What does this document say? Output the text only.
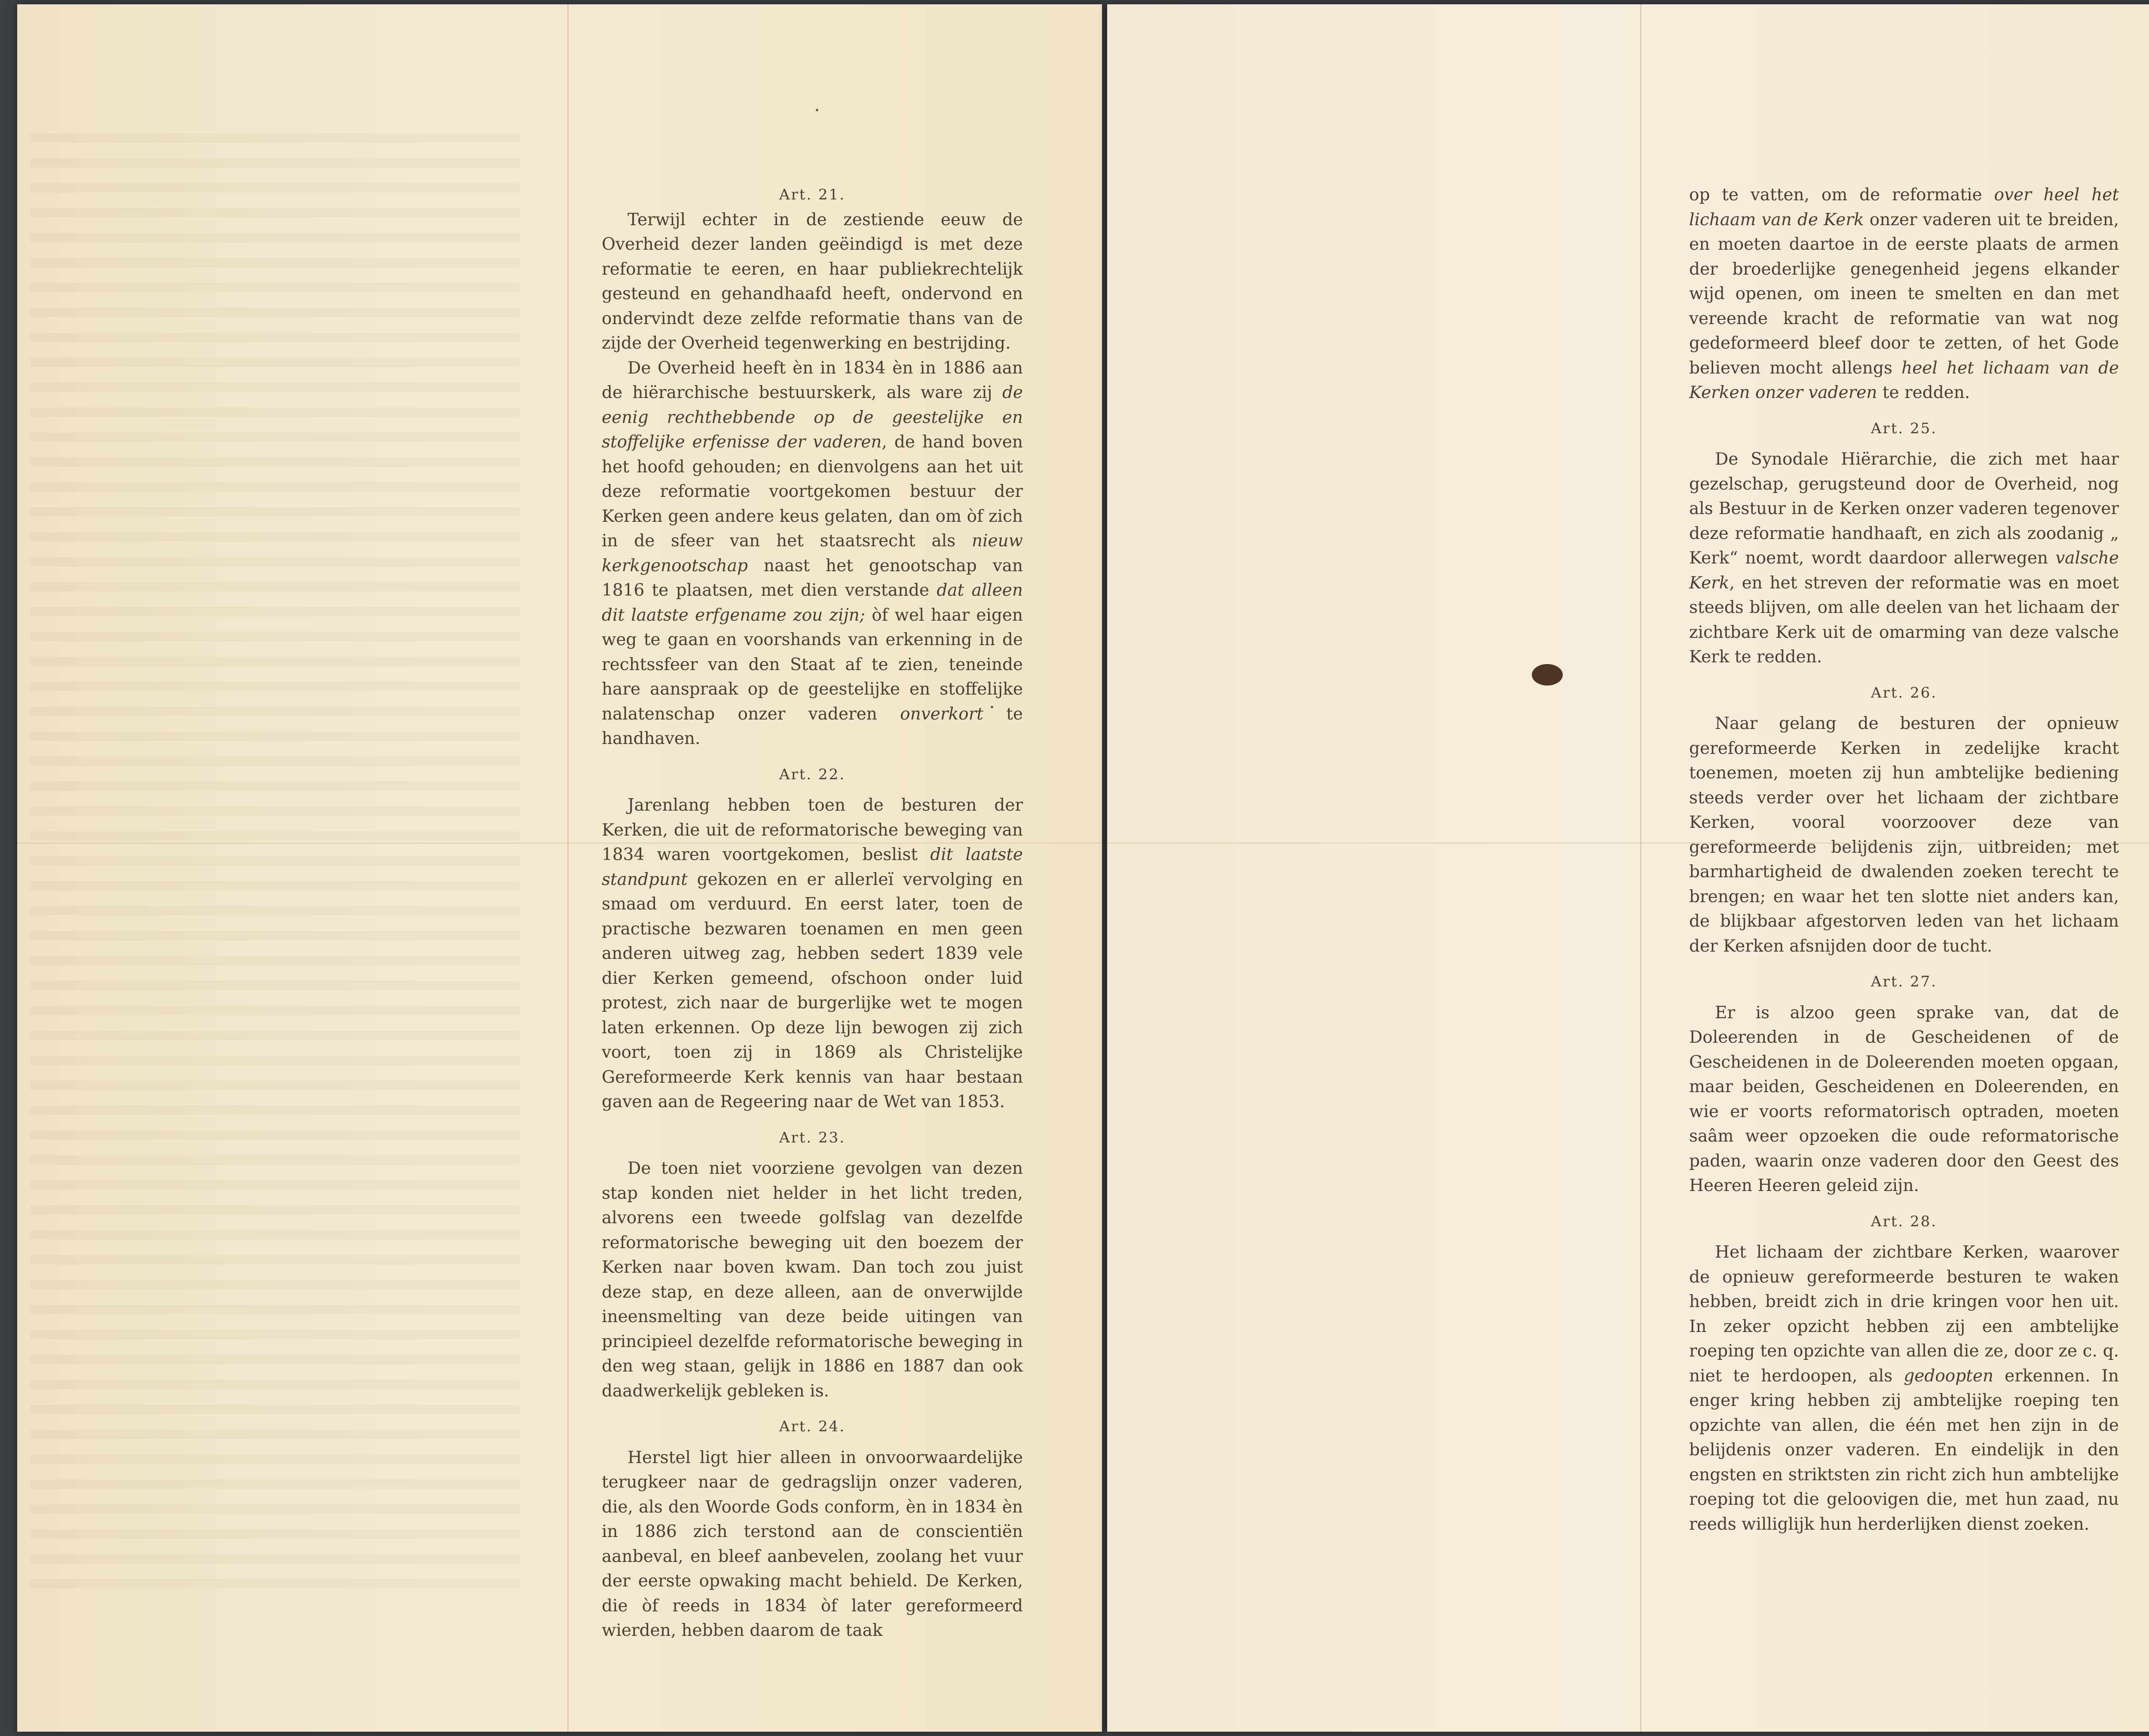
Art. 21.

Terwijl echter in de zestiende eeuw de Overheid dezer landen geëindigd is met deze reformatie te eeren, en haar publiekrechtelijk gesteund en gehandhaafd heeft, ondervond en ondervindt deze zelfde reformatie thans van de zijde der Overheid tegenwerking en bestrijding.

De Overheid heeft èn in 1834 èn in 1886 aan de hiërarchische bestuurskerk, als ware zij de eenig rechthebbende op de geestelijke en stoffelijke erfenisse der vaderen, de hand boven het hoofd gehouden; en dienvolgens aan het uit deze reformatie voortgekomen bestuur der Kerken geen andere keus gelaten, dan om òf zich in de sfeer van het staatsrecht als nieuw kerkgenootschap naast het genootschap van 1816 te plaatsen, met dien verstande dat alleen dit laatste erfgename zou zijn; òf wel haar eigen weg te gaan en voorshands van erkenning in de rechtssfeer van den Staat af te zien, teneinde hare aanspraak op de geestelijke en stoffelijke nalatenschap onzer vaderen onverkort te handhaven.

Art. 22.

Jarenlang hebben toen de besturen der Kerken, die uit de reformatorische beweging van 1834 waren voortgekomen, beslist dit laatste standpunt gekozen en er allerleï vervolging en smaad om verduurd. En eerst later, toen de practische bezwaren toenamen en men geen anderen uitweg zag, hebben sedert 1839 vele dier Kerken gemeend, ofschoon onder luid protest, zich naar de burgerlijke wet te mogen laten erkennen. Op deze lijn bewogen zij zich voort, toen zij in 1869 als Christelijke Gereformeerde Kerk kennis van haar bestaan gaven aan de Regeering naar de Wet van 1853.

Art. 23.

De toen niet voorziene gevolgen van dezen stap konden niet helder in het licht treden, alvorens een tweede golfslag van dezelfde reformatorische beweging uit den boezem der Kerken naar boven kwam. Dan toch zou juist deze stap, en deze alleen, aan de onverwijlde ineensmelting van deze beide uitingen van principieel dezelfde reformatorische beweging in den weg staan, gelijk in 1886 en 1887 dan ook daadwerkelijk gebleken is.

Art. 24.

Herstel ligt hier alleen in onvoorwaardelijke terugkeer naar de gedragslijn onzer vaderen, die, als den Woorde Gods conform, èn in 1834 èn in 1886 zich terstond aan de conscientiën aanbeval, en bleef aanbevelen, zoolang het vuur der eerste opwaking macht behield. De Kerken, die òf reeds in 1834 òf later gereformeerd wierden, hebben daarom de taak

op te vatten, om de reformatie over heel het lichaam van de Kerk onzer vaderen uit te breiden, en moeten daartoe in de eerste plaats de armen der broederlijke genegenheid jegens elkander wijd openen, om ineen te smelten en dan met vereende kracht de reformatie van wat nog gedeformeerd bleef door te zetten, of het Gode believen mocht allengs heel het lichaam van de Kerken onzer vaderen te redden.

Art. 25.

De Synodale Hiërarchie, die zich met haar gezelschap, gerugsteund door de Overheid, nog als Bestuur in de Kerken onzer vaderen tegenover deze reformatie handhaaft, en zich als zoodanig „ Kerk“ noemt, wordt daardoor allerwegen valsche Kerk, en het streven der reformatie was en moet steeds blijven, om alle deelen van het lichaam der zichtbare Kerk uit de omarming van deze valsche Kerk te redden.

Art. 26.

Naar gelang de besturen der opnieuw gereformeerde Kerken in zedelijke kracht toenemen, moeten zij hun ambtelijke bediening steeds verder over het lichaam der zichtbare Kerken, vooral voorzoover deze van gereformeerde belijdenis zijn, uitbreiden; met barmhartigheid de dwalenden zoeken terecht te brengen; en waar het ten slotte niet anders kan, de blijkbaar afgestorven leden van het lichaam der Kerken afsnijden door de tucht.

Art. 27.

Er is alzoo geen sprake van, dat de Doleerenden in de Gescheidenen of de Gescheidenen in de Doleerenden moeten opgaan, maar beiden, Gescheidenen en Doleerenden, en wie er voorts reformatorisch optraden, moeten saâm weer opzoeken die oude reformatorische paden, waarin onze vaderen door den Geest des Heeren Heeren geleid zijn.

Art. 28.

Het lichaam der zichtbare Kerken, waarover de opnieuw gereformeerde besturen te waken hebben, breidt zich in drie kringen voor hen uit. In zeker opzicht hebben zij een ambtelijke roeping ten opzichte van allen die ze, door ze c. q. niet te herdoopen, als gedoopten erkennen. In enger kring hebben zij ambtelijke roeping ten opzichte van allen, die één met hen zijn in de belijdenis onzer vaderen. En eindelijk in den engsten en striktsten zin richt zich hun ambtelijke roeping tot die geloovigen die, met hun zaad, nu reeds williglijk hun herderlijken dienst zoeken.
